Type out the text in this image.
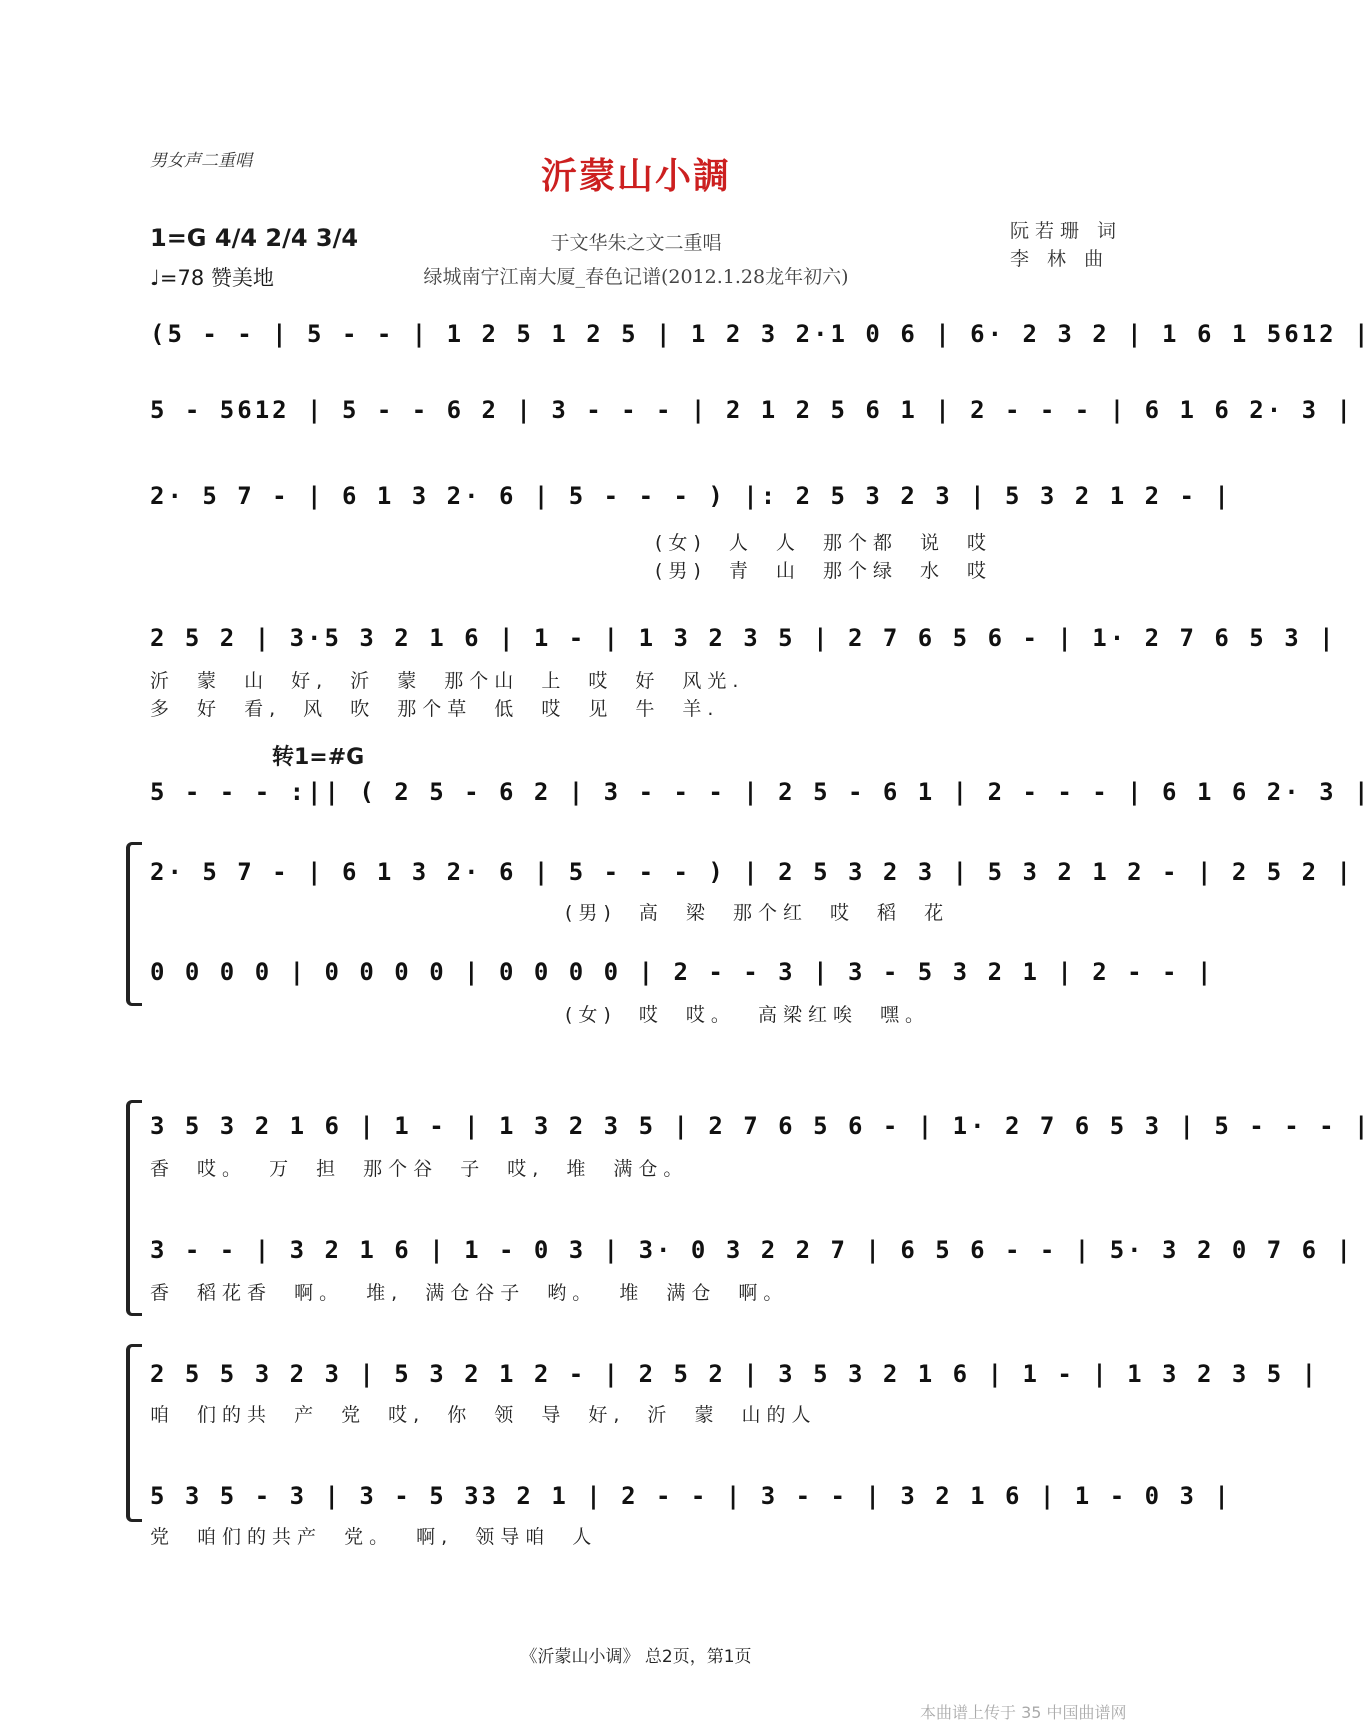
男女声二重唱	沂蒙山小調
1=G 4/4 2/4 3/4
♩=78 赞美地
于文华朱之文二重唱
绿城南宁江南大厦_春色记谱(2012.1.28龙年初六)
阮若珊 词
李 林 曲
(5 - - | 5 - - | 1 2 5 1 2 5 | 1 2 3 2·1 0 6 | 6· 2 3 2 | 1 6 1 5612 |
5 - 5612 | 5 - - 6 2 | 3 - - - | 2 1 2 5 6 1 | 2 - - - | 6 1 6 2· 3 |
2· 5 7 - | 6 1 3 2· 6 | 5 - - - ) |: 2 5 3 2 3 | 5 3 2 1 2 - |
(女) 人 人 那个都 说 哎
(男) 青 山 那个绿 水 哎
2 5 2 | 3·5 3 2 1 6 | 1 - | 1 3 2 3 5 | 2 7 6 5 6 - | 1· 2 7 6 5 3 |
沂 蒙 山 好, 沂 蒙 那个山 上 哎 好 风光.
多 好 看, 风 吹 那个草 低 哎 见 牛 羊.
转1=#G
5 - - - :|| ( 2 5 - 6 2 | 3 - - - | 2 5 - 6 1 | 2 - - - | 6 1 6 2· 3 |
2· 5 7 - | 6 1 3 2· 6 | 5 - - - ) | 2 5 3 2 3 | 5 3 2 1 2 - | 2 5 2 |
(男) 高 梁 那个红 哎 稻 花
0 0 0 0 | 0 0 0 0 | 0 0 0 0 | 2 - - 3 | 3 - 5 3 2 1 | 2 - - |
(女) 哎 哎。 高梁红唉 嘿。
3 5 3 2 1 6 | 1 - | 1 3 2 3 5 | 2 7 6 5 6 - | 1· 2 7 6 5 3 | 5 - - - |
香 哎。 万 担 那个谷 子 哎, 堆 满仓。
3 - - | 3 2 1 6 | 1 - 0 3 | 3· 0 3 2 2 7 | 6 5 6 - - | 5· 3 2 0 7 6 |
香 稻花香 啊。 堆, 满仓谷子 哟。 堆 满仓 啊。
2 5 5 3 2 3 | 5 3 2 1 2 - | 2 5 2 | 3 5 3 2 1 6 | 1 - | 1 3 2 3 5 |
咱 们的共 产 党 哎, 你 领 导 好, 沂 蒙 山的人
5 3 5 - 3 | 3 - 5 33 2 1 | 2 - - | 3 - - | 3 2 1 6 | 1 - 0 3 |
党 咱们的共产 党。 啊, 领导咱 人
《沂蒙山小调》 总2页，第1页
本曲谱上传于 35 中国曲谱网
